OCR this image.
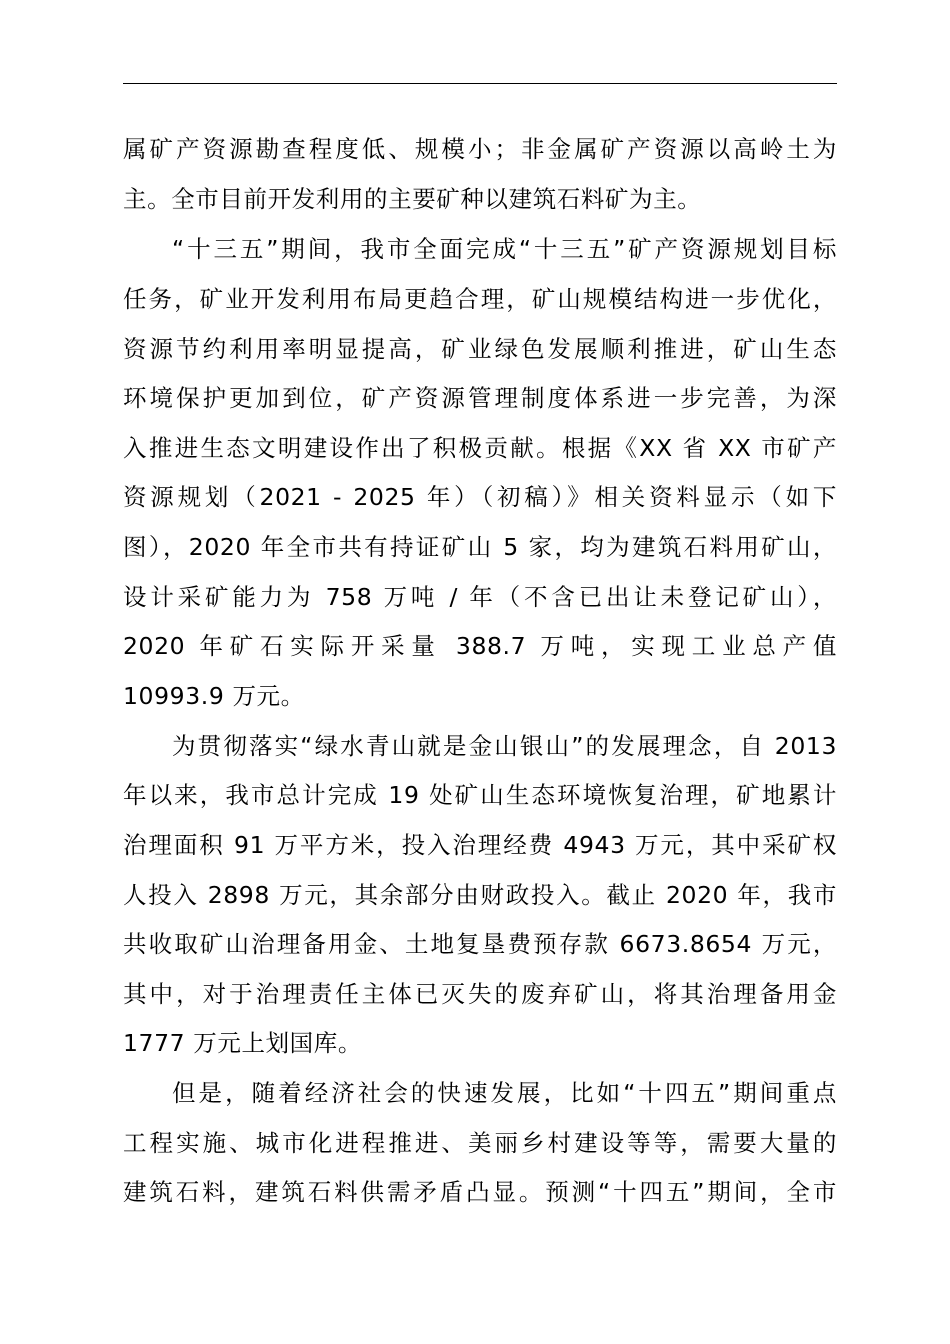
属矿产资源勘查程度低、规模小；非金属矿产资源以高岭土为
主。全市目前开发利用的主要矿种以建筑石料矿为主。
“十三五”期间，我市全面完成“十三五”矿产资源规划目标
任务，矿业开发利用布局更趋合理，矿山规模结构进一步优化，
资源节约利用率明显提高，矿业绿色发展顺利推进，矿山生态
环境保护更加到位，矿产资源管理制度体系进一步完善，为深
入推进生态文明建设作出了积极贡献。根据《XX 省 XX 市矿产
资源规划（2021 - 2025 年）（初稿）》相关资料显示（如下
图），2020 年全市共有持证矿山 5 家，均为建筑石料用矿山，
设计采矿能力为 758 万吨 / 年（不含已出让未登记矿山），
2020 年矿石实际开采量 388.7 万吨，实现工业总产值
10993.9 万元。
为贯彻落实“绿水青山就是金山银山”的发展理念，自 2013
年以来，我市总计完成 19 处矿山生态环境恢复治理，矿地累计
治理面积 91 万平方米，投入治理经费 4943 万元，其中采矿权
人投入 2898 万元，其余部分由财政投入。截止 2020 年，我市
共收取矿山治理备用金、土地复垦费预存款 6673.8654 万元，
其中，对于治理责任主体已灭失的废弃矿山，将其治理备用金
1777 万元上划国库。
但是，随着经济社会的快速发展，比如“十四五”期间重点
工程实施、城市化进程推进、美丽乡村建设等等，需要大量的
建筑石料，建筑石料供需矛盾凸显。预测“十四五”期间，全市
